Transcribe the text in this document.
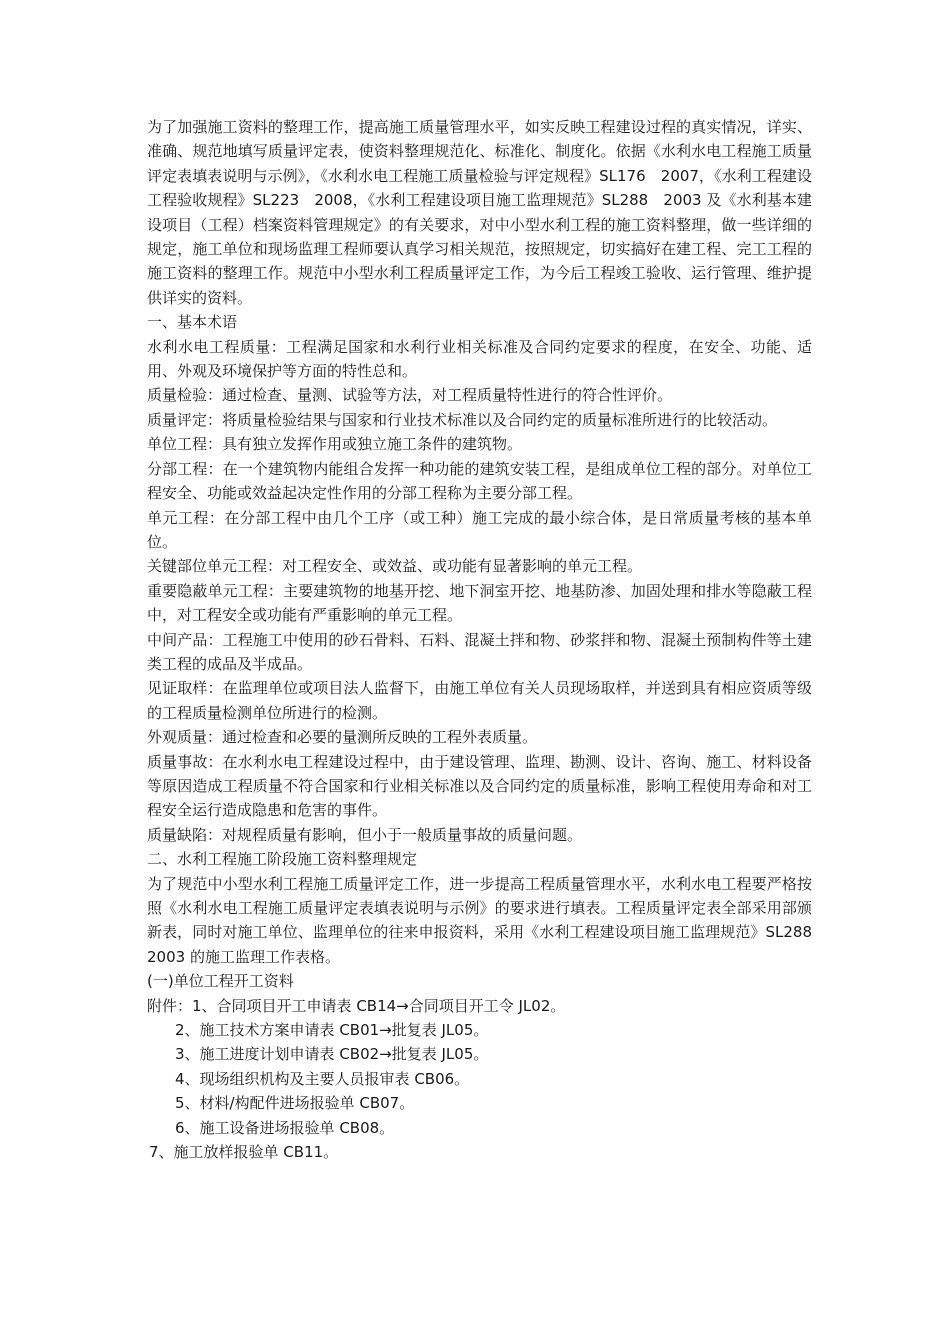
为了加强施工资料的整理工作，提高施工质量管理水平，如实反映工程建设过程的真实情况，详实、准确、规范地填写质量评定表，使资料整理规范化、标准化、制度化。依据《水利水电工程施工质量评定表填表说明与示例》，《水利水电工程施工质量检验与评定规程》SL176　2007，《水利工程建设工程验收规程》SL223　2008，《水利工程建设项目施工监理规范》SL288　2003 及《水利基本建设项目（工程）档案资料管理规定》的有关要求，对中小型水利工程的施工资料整理，做一些详细的规定，施工单位和现场监理工程师要认真学习相关规范，按照规定，切实搞好在建工程、完工工程的施工资料的整理工作。规范中小型水利工程质量评定工作，为今后工程竣工验收、运行管理、维护提供详实的资料。

一、基本术语

水利水电工程质量：工程满足国家和水利行业相关标准及合同约定要求的程度，在安全、功能、适用、外观及环境保护等方面的特性总和。

质量检验：通过检查、量测、试验等方法，对工程质量特性进行的符合性评价。

质量评定：将质量检验结果与国家和行业技术标准以及合同约定的质量标准所进行的比较活动。

单位工程：具有独立发挥作用或独立施工条件的建筑物。

分部工程：在一个建筑物内能组合发挥一种功能的建筑安装工程，是组成单位工程的部分。对单位工程安全、功能或效益起决定性作用的分部工程称为主要分部工程。

单元工程：在分部工程中由几个工序（或工种）施工完成的最小综合体，是日常质量考核的基本单位。

关键部位单元工程：对工程安全、或效益、或功能有显著影响的单元工程。

重要隐蔽单元工程：主要建筑物的地基开挖、地下洞室开挖、地基防渗、加固处理和排水等隐蔽工程中，对工程安全或功能有严重影响的单元工程。

中间产品：工程施工中使用的砂石骨料、石料、混凝土拌和物、砂浆拌和物、混凝土预制构件等土建类工程的成品及半成品。

见证取样：在监理单位或项目法人监督下，由施工单位有关人员现场取样，并送到具有相应资质等级的工程质量检测单位所进行的检测。

外观质量：通过检查和必要的量测所反映的工程外表质量。

质量事故：在水利水电工程建设过程中，由于建设管理、监理、勘测、设计、咨询、施工、材料设备等原因造成工程质量不符合国家和行业相关标准以及合同约定的质量标准，影响工程使用寿命和对工程安全运行造成隐患和危害的事件。

质量缺陷：对规程质量有影响，但小于一般质量事故的质量问题。

二、水利工程施工阶段施工资料整理规定

为了规范中小型水利工程施工质量评定工作，进一步提高工程质量管理水平，水利水电工程要严格按照《水利水电工程施工质量评定表填表说明与示例》的要求进行填表。工程质量评定表全部采用部颁新表，同时对施工单位、监理单位的往来申报资料，采用《水利工程建设项目施工监理规范》SL288　2003 的施工监理工作表格。

(一)单位工程开工资料

附件：1、合同项目开工申请表 CB14→合同项目开工令 JL02。

2、施工技术方案申请表 CB01→批复表 JL05。

3、施工进度计划申请表 CB02→批复表 JL05。

4、现场组织机构及主要人员报审表 CB06。

5、材料/构配件进场报验单 CB07。

6、施工设备进场报验单 CB08。

7、施工放样报验单 CB11。
